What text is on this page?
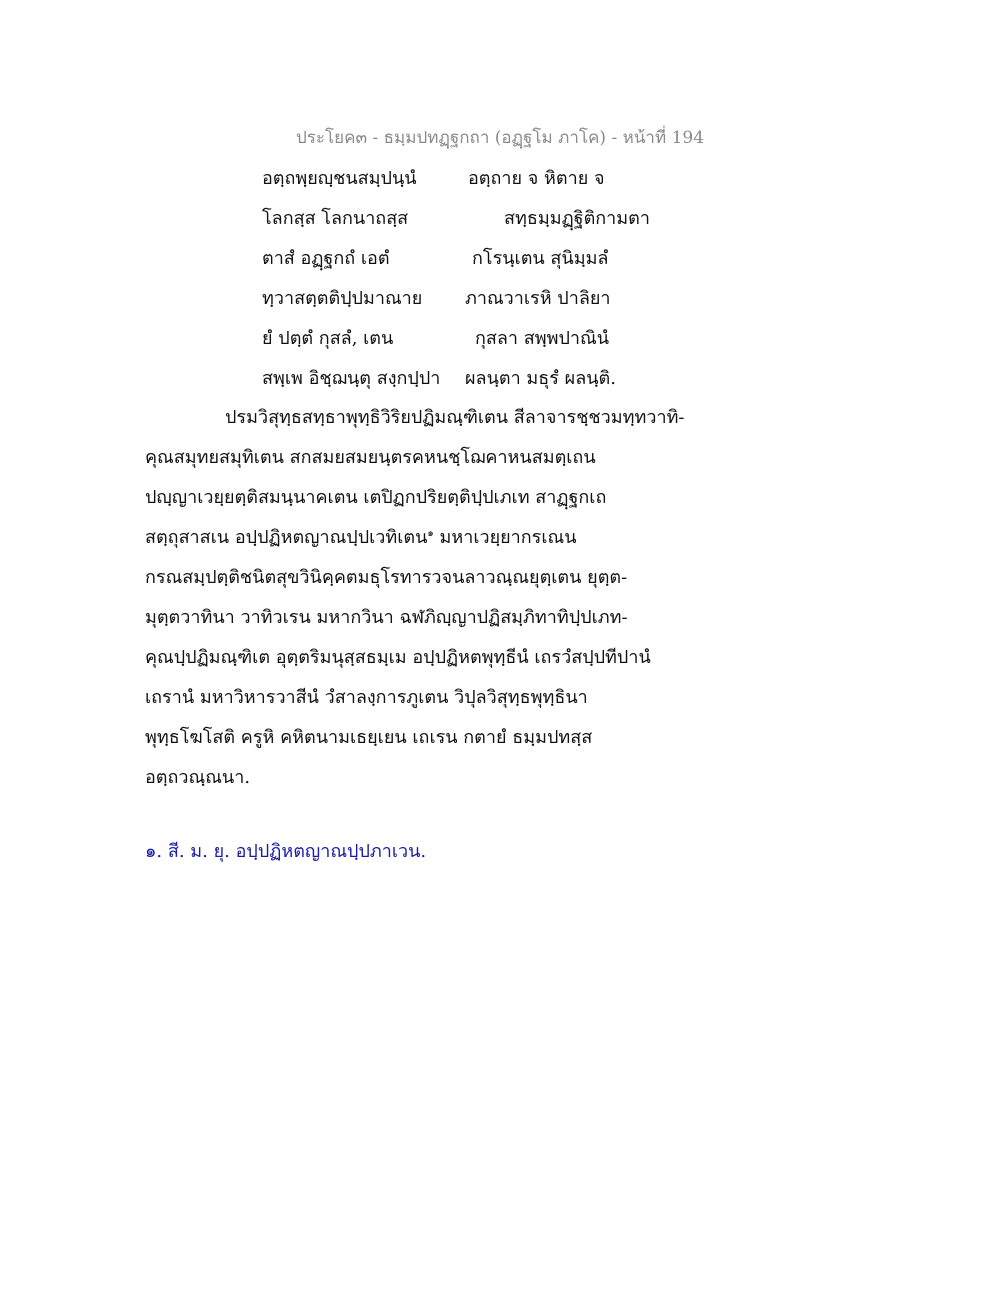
ประโยค๓ - ธมฺมปทฏฺฐกถา (อฏฺฐโม ภาโค) - หน้าที่ 194
อตฺถพฺยญฺชนสมฺปนฺนํ	อตฺถาย จ หิตาย จ
โลกสฺส โลกนาถสฺส	สทฺธมฺมฏฺฐิติกามตา
ตาสํ อฏฺฐกถํ เอตํ	กโรนฺเตน สุนิมฺมลํ
ทฺวาสตฺตติปฺปมาณาย ภาณวาเรหิ ปาลิยา
ยํ ปตฺตํ กุสลํ, เตน	กุสลา สพฺพปาณินํ
สพฺเพ อิชฺฌนฺตุ สงฺกปฺปา ผลนฺตา มธุรํ ผลนฺติ.
ปรมวิสุทฺธสทฺธาพุทฺธิวิริยปฏิมณฺฑิเตน สีลาจารชฺชวมทฺทวาทิ-
คุณสมุทยสมุทิเตน สกสมยสมยนฺตรคหนชฺโฌคาหนสมตฺเถน
ปญฺญาเวยฺยตฺติสมนฺนาคเตน เตปิฏกปริยตฺติปฺปเภเท สาฏฺฐกเถ
สตฺถุสาสเน อปฺปฏิหตญาณปฺปเวทิเตน$^๑$ มหาเวยฺยากรเณน
กรณสมฺปตฺติชนิตสุขวินิคฺคตมธุโรทารวจนลาวณฺณยุตฺเตน ยุตฺต-
มุตฺตวาทินา วาทิวเรน มหากวินา ฉฬภิญฺญาปฏิสมฺภิทาทิปฺปเภท-
คุณปฺปฏิมณฺฑิเต อุตฺตริมนุสฺสธมฺเม อปฺปฏิหตพุทฺธีนํ เถรวํสปฺปทีปานํ
เถรานํ มหาวิหารวาสีนํ วํสาลงฺการภูเตน วิปุลวิสุทฺธพุทฺธินา
พุทฺธโฆโสติ ครูหิ คหิตนามเธยฺเยน เถเรน กตายํ ธมฺมปทสฺส
อตฺถวณฺณนา.
๑. สี. ม. ยุ. อปฺปฏิหตญาณปฺปภาเวน.
